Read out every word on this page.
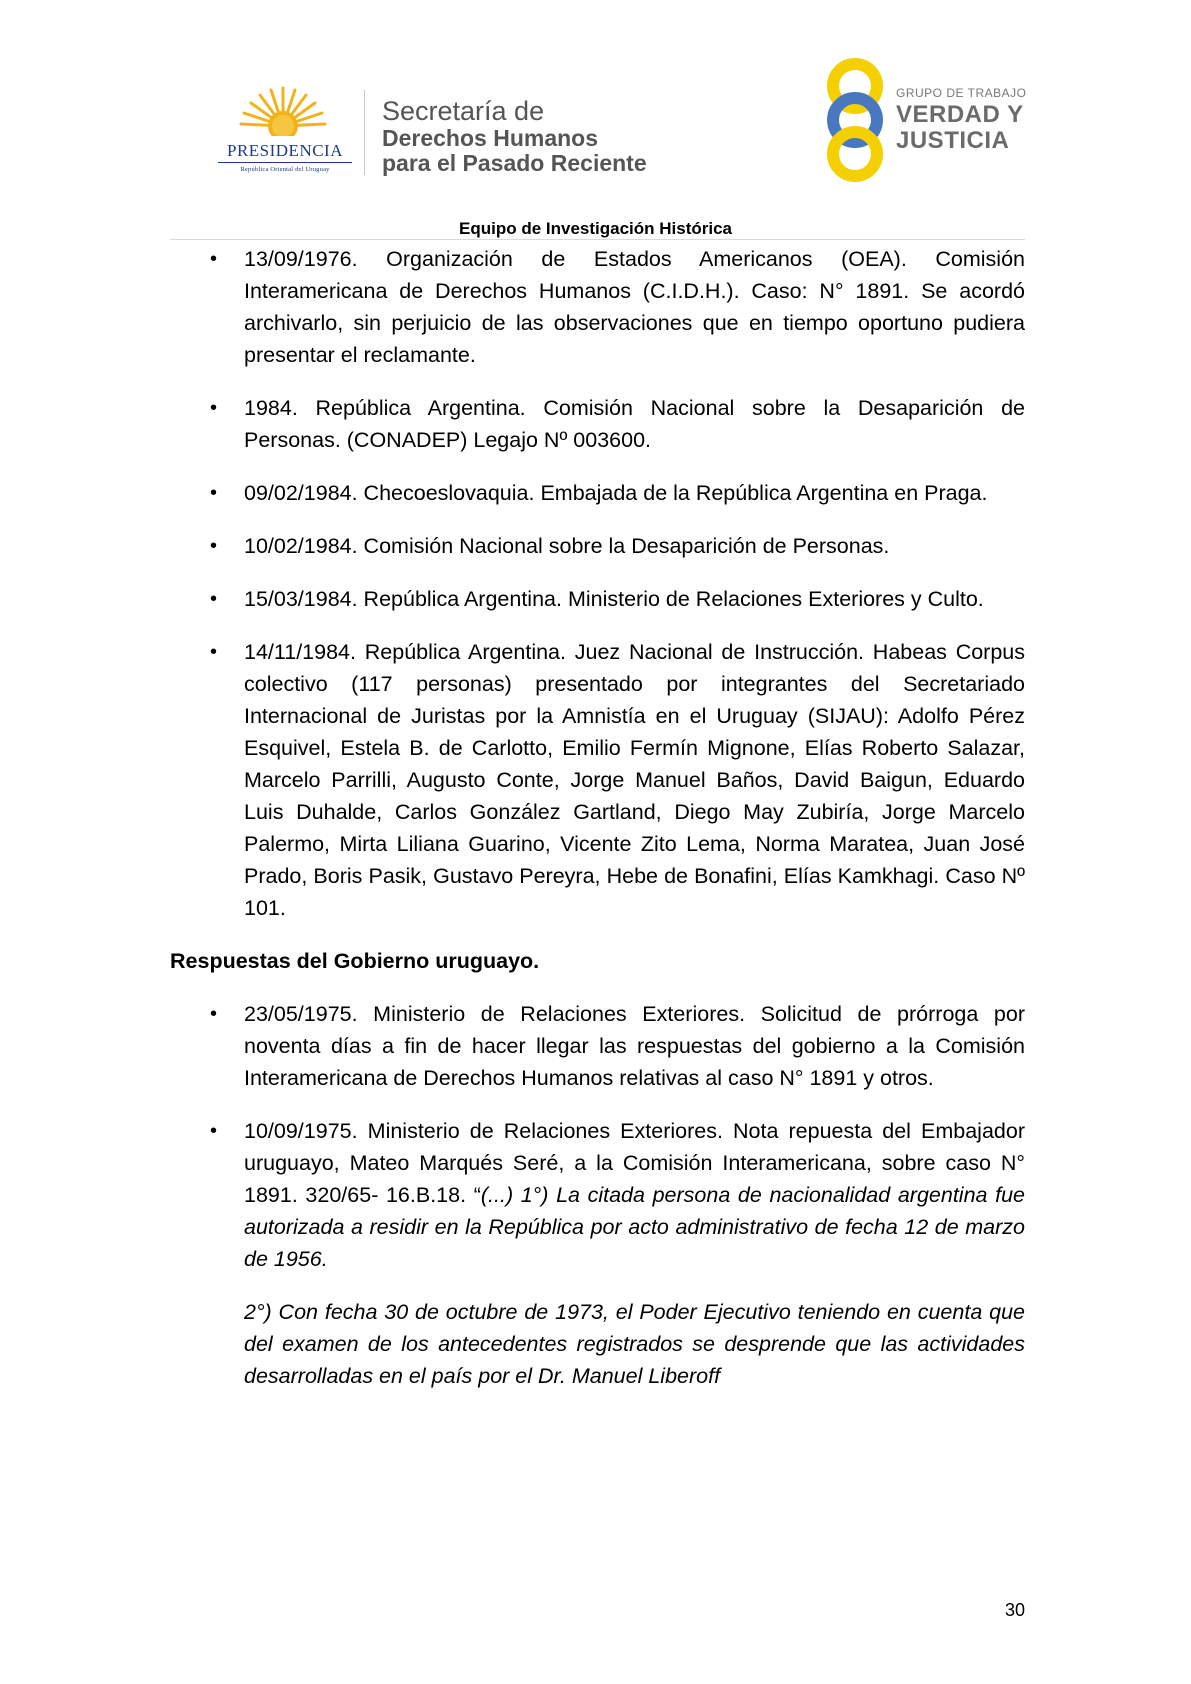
PRESIDENCIA
República Oriental del Uruguay
Secretaría de
Derechos Humanos
para el Pasado Reciente
GRUPO DE TRABAJO
VERDAD Y
JUSTICIA
Equipo de Investigación Histórica
• 13/09/1976. Organización de Estados Americanos (OEA). Comisión Interamericana de Derechos Humanos (C.I.D.H.). Caso: N° 1891. Se acordó archivarlo, sin perjuicio de las observaciones que en tiempo oportuno pudiera presentar el reclamante.
• 1984. República Argentina. Comisión Nacional sobre la Desaparición de Personas. (CONADEP) Legajo Nº 003600.
• 09/02/1984. Checoeslovaquia. Embajada de la República Argentina en Praga.
• 10/02/1984. Comisión Nacional sobre la Desaparición de Personas.
• 15/03/1984. República Argentina. Ministerio de Relaciones Exteriores y Culto.
• 14/11/1984. República Argentina. Juez Nacional de Instrucción. Habeas Corpus colectivo (117 personas) presentado por integrantes del Secretariado Internacional de Juristas por la Amnistía en el Uruguay (SIJAU): Adolfo Pérez Esquivel, Estela B. de Carlotto, Emilio Fermín Mignone, Elías Roberto Salazar, Marcelo Parrilli, Augusto Conte, Jorge Manuel Baños, David Baigun, Eduardo Luis Duhalde, Carlos González Gartland, Diego May Zubiría, Jorge Marcelo Palermo, Mirta Liliana Guarino, Vicente Zito Lema, Norma Maratea, Juan José Prado, Boris Pasik, Gustavo Pereyra, Hebe de Bonafini, Elías Kamkhagi. Caso Nº 101.
Respuestas del Gobierno uruguayo.
• 23/05/1975. Ministerio de Relaciones Exteriores. Solicitud de prórroga por noventa días a fin de hacer llegar las respuestas del gobierno a la Comisión Interamericana de Derechos Humanos relativas al caso N° 1891 y otros.
• 10/09/1975. Ministerio de Relaciones Exteriores. Nota repuesta del Embajador uruguayo, Mateo Marqués Seré, a la Comisión Interamericana, sobre caso N° 1891. 320/65- 16.B.18. “(...) 1°) La citada persona de nacionalidad argentina fue autorizada a residir en la República por acto administrativo de fecha 12 de marzo de 1956.

2°) Con fecha 30 de octubre de 1973, el Poder Ejecutivo teniendo en cuenta que del examen de los antecedentes registrados se desprende que las actividades desarrolladas en el país por el Dr. Manuel Liberoff

30
